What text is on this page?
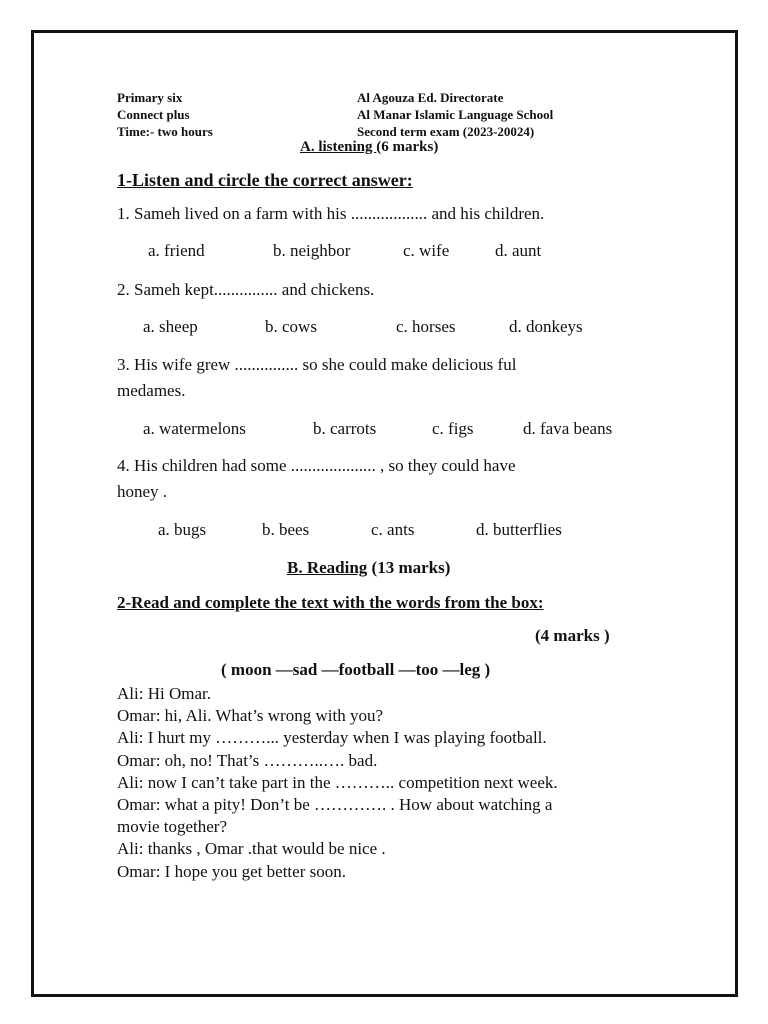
Primary six
Connect plus
Time:- two hours
Al Agouza Ed. Directorate
Al Manar Islamic Language School
Second term exam (2023-20024)
A. listening (6 marks)
1-Listen and circle the correct answer:
1. Sameh lived on a farm with his .................. and his children.
a. friend	b. neighbor	c. wife	d. aunt
2. Sameh kept............... and chickens.
a. sheep	b. cows	c. horses	d. donkeys
3. His wife grew ............... so she could make delicious ful
medames.
a. watermelons	b. carrots	c. figs	d. fava beans
4. His children had some .................... , so they could have
honey .
a. bugs	b. bees	c. ants	d. butterflies
B. Reading (13 marks)
2-Read and complete the text with the words from the box:
(4 marks )
( moon —sad —football —too —leg )
Ali: Hi Omar.
Omar: hi, Ali. What’s wrong with you?
Ali: I hurt my ………... yesterday when I was playing football.
Omar: oh, no! That’s ………..…. bad.
Ali: now I can’t take part in the ……….. competition next week.
Omar: what a pity! Don’t be …………. . How about watching a
movie together?
Ali: thanks , Omar .that would be nice .
Omar: I hope you get better soon.
